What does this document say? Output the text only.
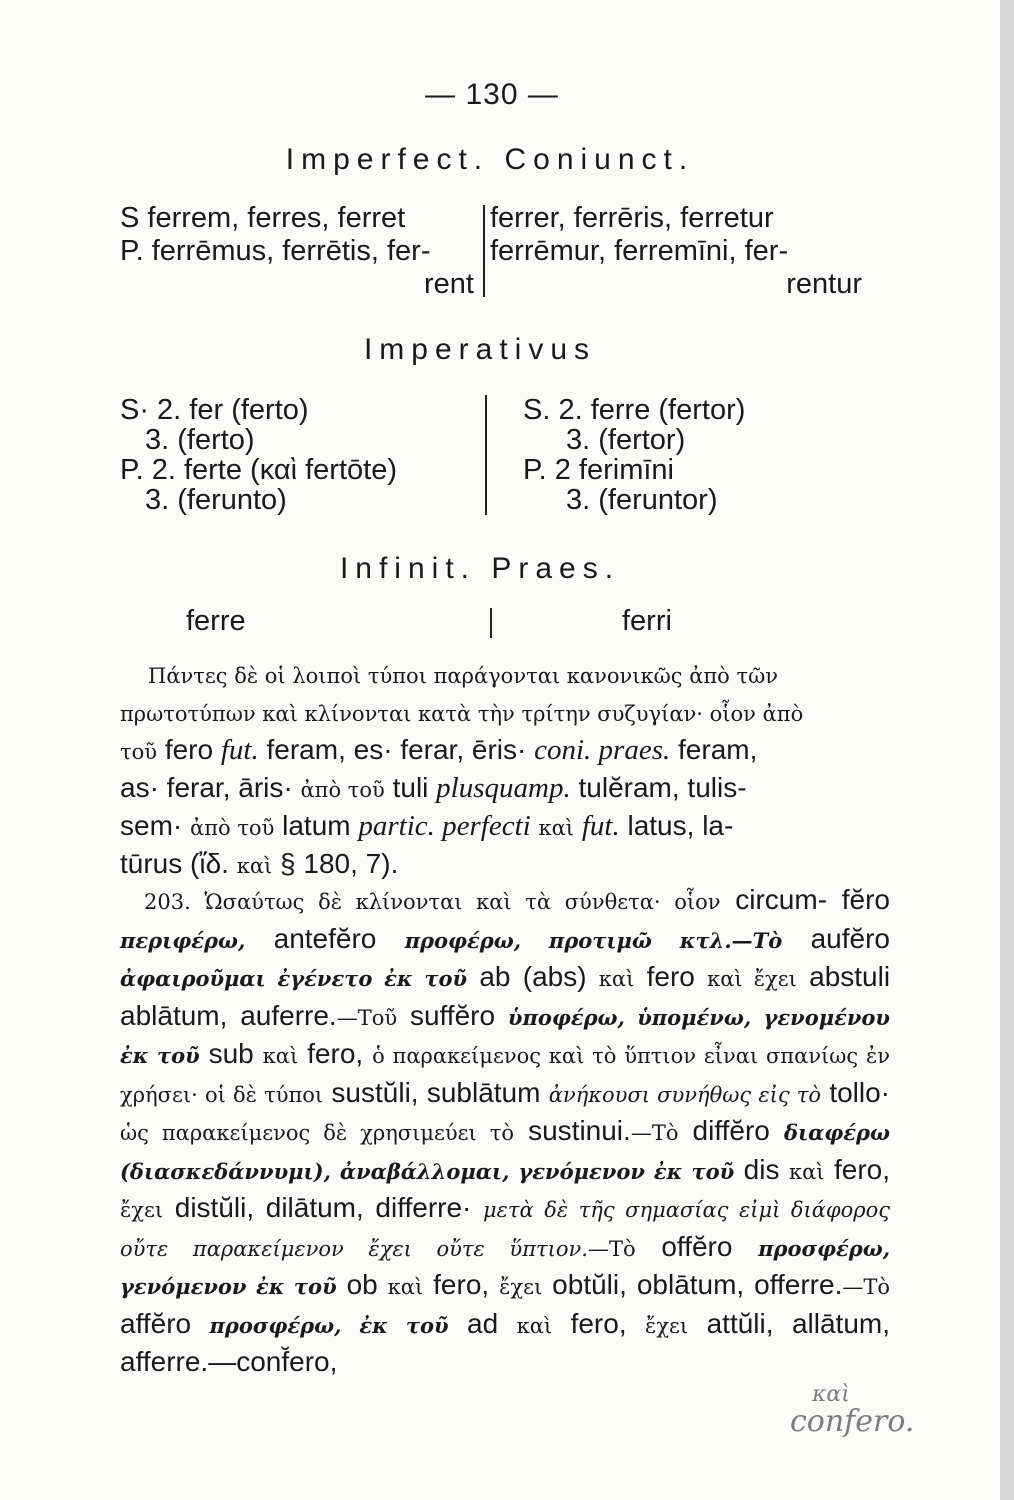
— 130 —
Imperfect. Coniunct.
S ferrem, ferres, ferret
P. ferrēmus, ferrētis, fer-
rent
ferrer, ferrēris, ferretur
ferrēmur, ferremīni, fer-
rentur
Imperativus
S· 2. fer (ferto)
3. (ferto)
P. 2. ferte (καὶ fertōte)
3. (ferunto)
S. 2. ferre (fertor)
3. (fertor)
P. 2 ferimīni
3. (feruntor)
Infinit. Praes.
ferre	ferri

Πάντες δὲ οἱ λοιποὶ τύποι παράγονται κανονικῶς ἀπὸ τῶν

πρωτοτύπων καὶ κλίνονται κατὰ τὴν τρίτην συζυγίαν· οἷον ἀπὸ

τοῦ fero fut. feram, es· ferar, ēris· coni. praes. feram,

as· ferar, āris· ἀπὸ τοῦ tuli plusquamp. tulĕram, tulis-

sem· ἀπὸ τοῦ latum partic. perfecti καὶ fut. latus, la-

tūrus (ἴδ. καὶ § 180, 7).

203. Ὡσαύτως δὲ κλίνονται καὶ τὰ σύνθετα· οἷον circum- fĕro περιφέρω, antefĕro προφέρω, προτιμῶ κτλ.—Τὸ aufĕro ἀφαιροῦμαι ἐγένετο ἐκ τοῦ ab (abs) καὶ fero καὶ ἔχει abstuli ablātum, auferre.—Τοῦ suffĕro ὑποφέρω, ὑπομένω, γενομένου ἐκ τοῦ sub καὶ fero, ὁ παρακείμενος καὶ τὸ ὕπτιον εἶναι σπανίως ἐν χρήσει· οἱ δὲ τύποι sustŭli, sublātum ἀνήκουσι συνήθως εἰς τὸ tollo· ὡς παρακείμενος δὲ χρησιμεύει τὸ sustinui.—Τὸ diffĕro διαφέρω (διασκεδάννυμι), ἀναβάλλομαι, γενόμενον ἐκ τοῦ dis καὶ fero, ἔχει distŭli, dilātum, differre· μετὰ δὲ τῆς σημασίας εἰμὶ διάφορος οὔτε παρακείμενον ἔχει οὔτε ὕπτιον.—Τὸ offĕro προσφέρω, γενόμενον ἐκ τοῦ ob καὶ fero, ἔχει obtŭli, oblātum, offerre.—Τὸ affĕro προσφέρω, ἐκ τοῦ ad καὶ fero, ἔχει attŭli, allātum, afferre.—conf̆ero,

καὶ
confero.
